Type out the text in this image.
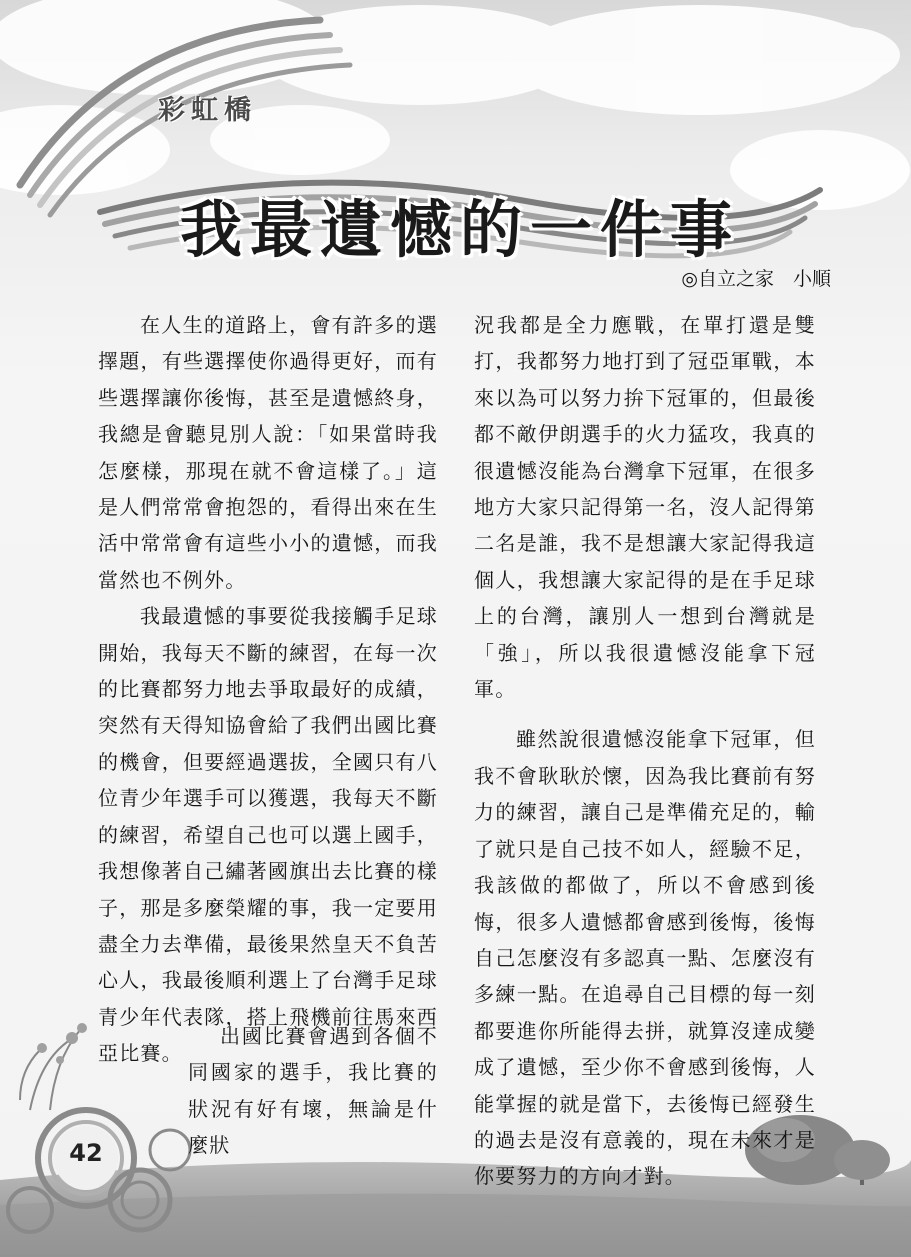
彩虹橋
我最遺憾的一件事
◎自立之家　小順

在人生的道路上，會有許多的選擇題，有些選擇使你過得更好，而有些選擇讓你後悔，甚至是遺憾終身，我總是會聽見別人說：「如果當時我怎麼樣，那現在就不會這樣了。」這是人們常常會抱怨的，看得出來在生活中常常會有這些小小的遺憾，而我當然也不例外。

我最遺憾的事要從我接觸手足球開始，我每天不斷的練習，在每一次的比賽都努力地去爭取最好的成績，突然有天得知協會給了我們出國比賽的機會，但要經過選拔，全國只有八位青少年選手可以獲選，我每天不斷的練習，希望自己也可以選上國手，我想像著自己繡著國旗出去比賽的樣子，那是多麼榮耀的事，我一定要用盡全力去準備，最後果然皇天不負苦心人，我最後順利選上了台灣手足球青少年代表隊，搭上飛機前往馬來西亞比賽。

出國比賽會遇到各個不同國家的選手，我比賽的狀況有好有壞，無論是什麼狀

況我都是全力應戰，在單打還是雙打，我都努力地打到了冠亞軍戰，本來以為可以努力拚下冠軍的，但最後都不敵伊朗選手的火力猛攻，我真的很遺憾沒能為台灣拿下冠軍，在很多地方大家只記得第一名，沒人記得第二名是誰，我不是想讓大家記得我這個人，我想讓大家記得的是在手足球上的台灣，讓別人一想到台灣就是「強」，所以我很遺憾沒能拿下冠軍。

雖然說很遺憾沒能拿下冠軍，但我不會耿耿於懷，因為我比賽前有努力的練習，讓自己是準備充足的，輸了就只是自己技不如人，經驗不足，我該做的都做了，所以不會感到後悔，很多人遺憾都會感到後悔，後悔自己怎麼沒有多認真一點、怎麼沒有多練一點。在追尋自己目標的每一刻都要進你所能得去拼，就算沒達成變成了遺憾，至少你不會感到後悔，人能掌握的就是當下，去後悔已經發生的過去是沒有意義的，現在未來才是你要努力的方向才對。

42
